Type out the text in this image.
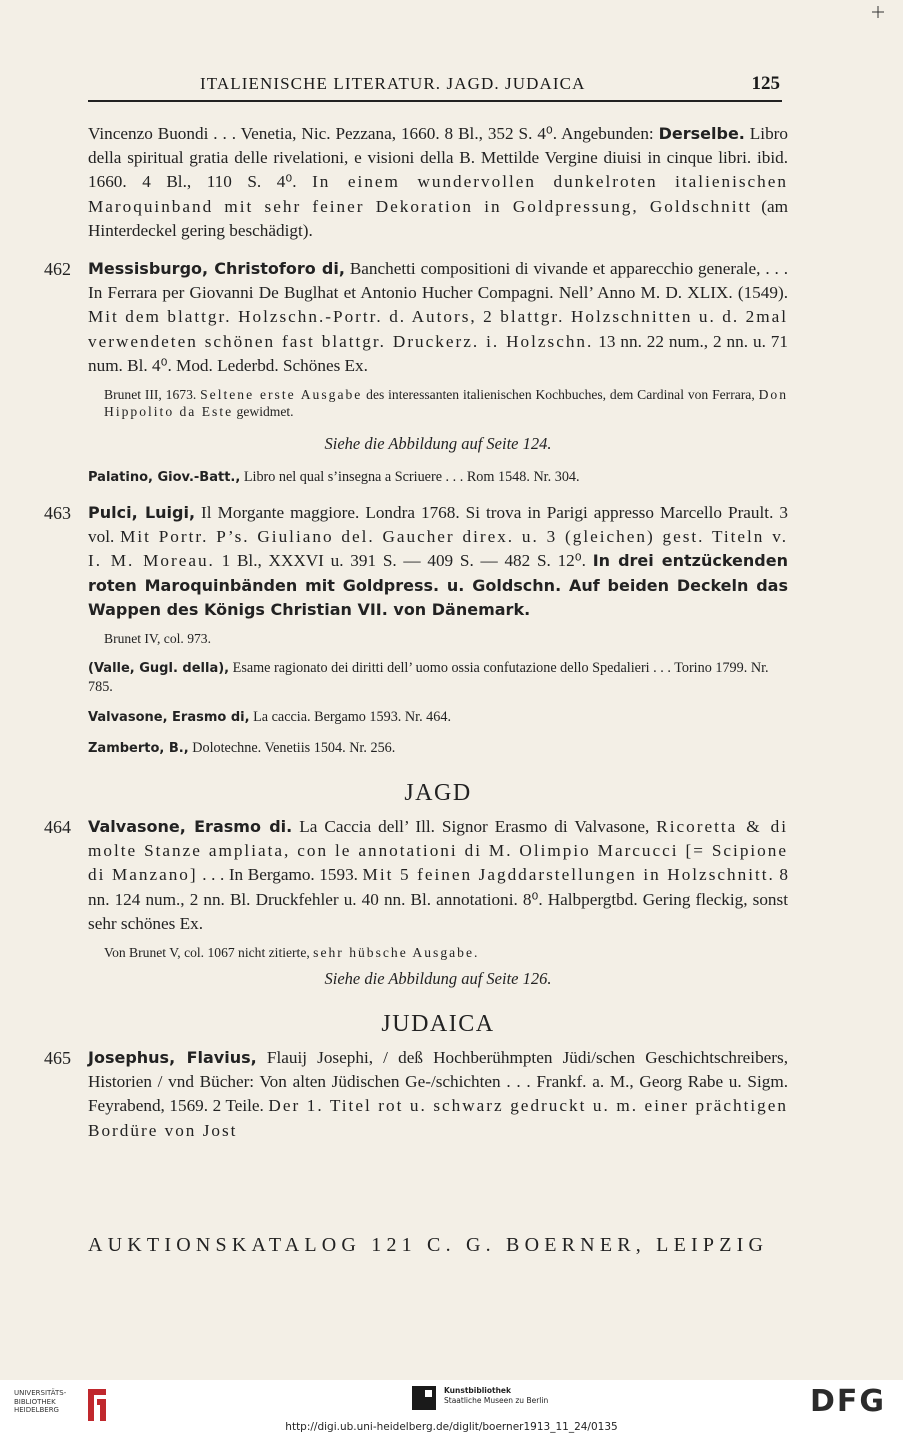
ITALIENISCHE LITERATUR. JAGD. JUDAICA	125
Vincenzo Buondi . . . Venetia, Nic. Pezzana, 1660. 8 Bl., 352 S. 4⁰. Angebunden: Derselbe. Libro della spiritual gratia delle rivelationi, e visioni della B. Mettilde Vergine diuisi in cinque libri. ibid. 1660. 4 Bl., 110 S. 4⁰. In einem wundervollen dunkelroten italienischen Maroquinband mit sehr feiner Dekoration in Goldpressung, Goldschnitt (am Hinterdeckel gering beschädigt).
462 Messisburgo, Christoforo di, Banchetti compositioni di vivande et apparecchio generale, . . . In Ferrara per Giovanni De Buglhat et Antonio Hucher Compagni. Nell’ Anno M. D. XLIX. (1549). Mit dem blattgr. Holzschn.-Portr. d. Autors, 2 blattgr. Holzschnitten u. d. 2mal verwendeten schönen fast blattgr. Druckerz. i. Holzschn. 13 nn. 22 num., 2 nn. u. 71 num. Bl. 4⁰. Mod. Lederbd. Schönes Ex.
Brunet III, 1673. Seltene erste Ausgabe des interessanten italienischen Kochbuches, dem Cardinal von Ferrara, Don Hippolito da Este gewidmet.
Siehe die Abbildung auf Seite 124.
Palatino, Giov.-Batt., Libro nel qual s’insegna a Scriuere . . . Rom 1548. Nr. 304.
463 Pulci, Luigi, Il Morgante maggiore. Londra 1768. Si trova in Parigi appresso Marcello Prault. 3 vol. Mit Portr. P’s. Giuliano del. Gaucher direx. u. 3 (gleichen) gest. Titeln v. I. M. Moreau. 1 Bl., XXXVI u. 391 S. — 409 S. — 482 S. 12⁰. In drei entzückenden roten Maroquinbänden mit Goldpress. u. Goldschn. Auf beiden Deckeln das Wappen des Königs Christian VII. von Dänemark.
Brunet IV, col. 973.
(Valle, Gugl. della), Esame ragionato dei diritti dell’ uomo ossia confutazione dello Spedalieri . . . Torino 1799. Nr. 785.
Valvasone, Erasmo di, La caccia. Bergamo 1593. Nr. 464.
Zamberto, B., Dolotechne. Venetiis 1504. Nr. 256.
JAGD
464 Valvasone, Erasmo di. La Caccia dell’ Ill. Signor Erasmo di Valvasone, Ricoretta & di molte Stanze ampliata, con le annotationi di M. Olimpio Marcucci [= Scipione di Manzano] . . . In Bergamo. 1593. Mit 5 feinen Jagddarstellungen in Holzschnitt. 8 nn. 124 num., 2 nn. Bl. Druckfehler u. 40 nn. Bl. annotationi. 8⁰. Halbpergtbd. Gering fleckig, sonst sehr schönes Ex.
Von Brunet V, col. 1067 nicht zitierte, sehr hübsche Ausgabe.
Siehe die Abbildung auf Seite 126.
JUDAICA
465 Josephus, Flavius, Flauij Josephi, / deß Hochberühmpten Jüdi/schen Geschichtschreibers, Historien / vnd Bücher: Von alten Jüdischen Ge-/schichten . . . Frankf. a. M., Georg Rabe u. Sigm. Feyrabend, 1569. 2 Teile. Der 1. Titel rot u. schwarz gedruckt u. m. einer prächtigen Bordüre von Jost
AUKTIONSKATALOG 121 C. G. BOERNER, LEIPZIG
UNIVERSITÄTS-
BIBLIOTHEK
HEIDELBERG
Kunstbibliothek
Staatliche Museen zu Berlin	DFG
http://digi.ub.uni-heidelberg.de/diglit/boerner1913_11_24/0135
